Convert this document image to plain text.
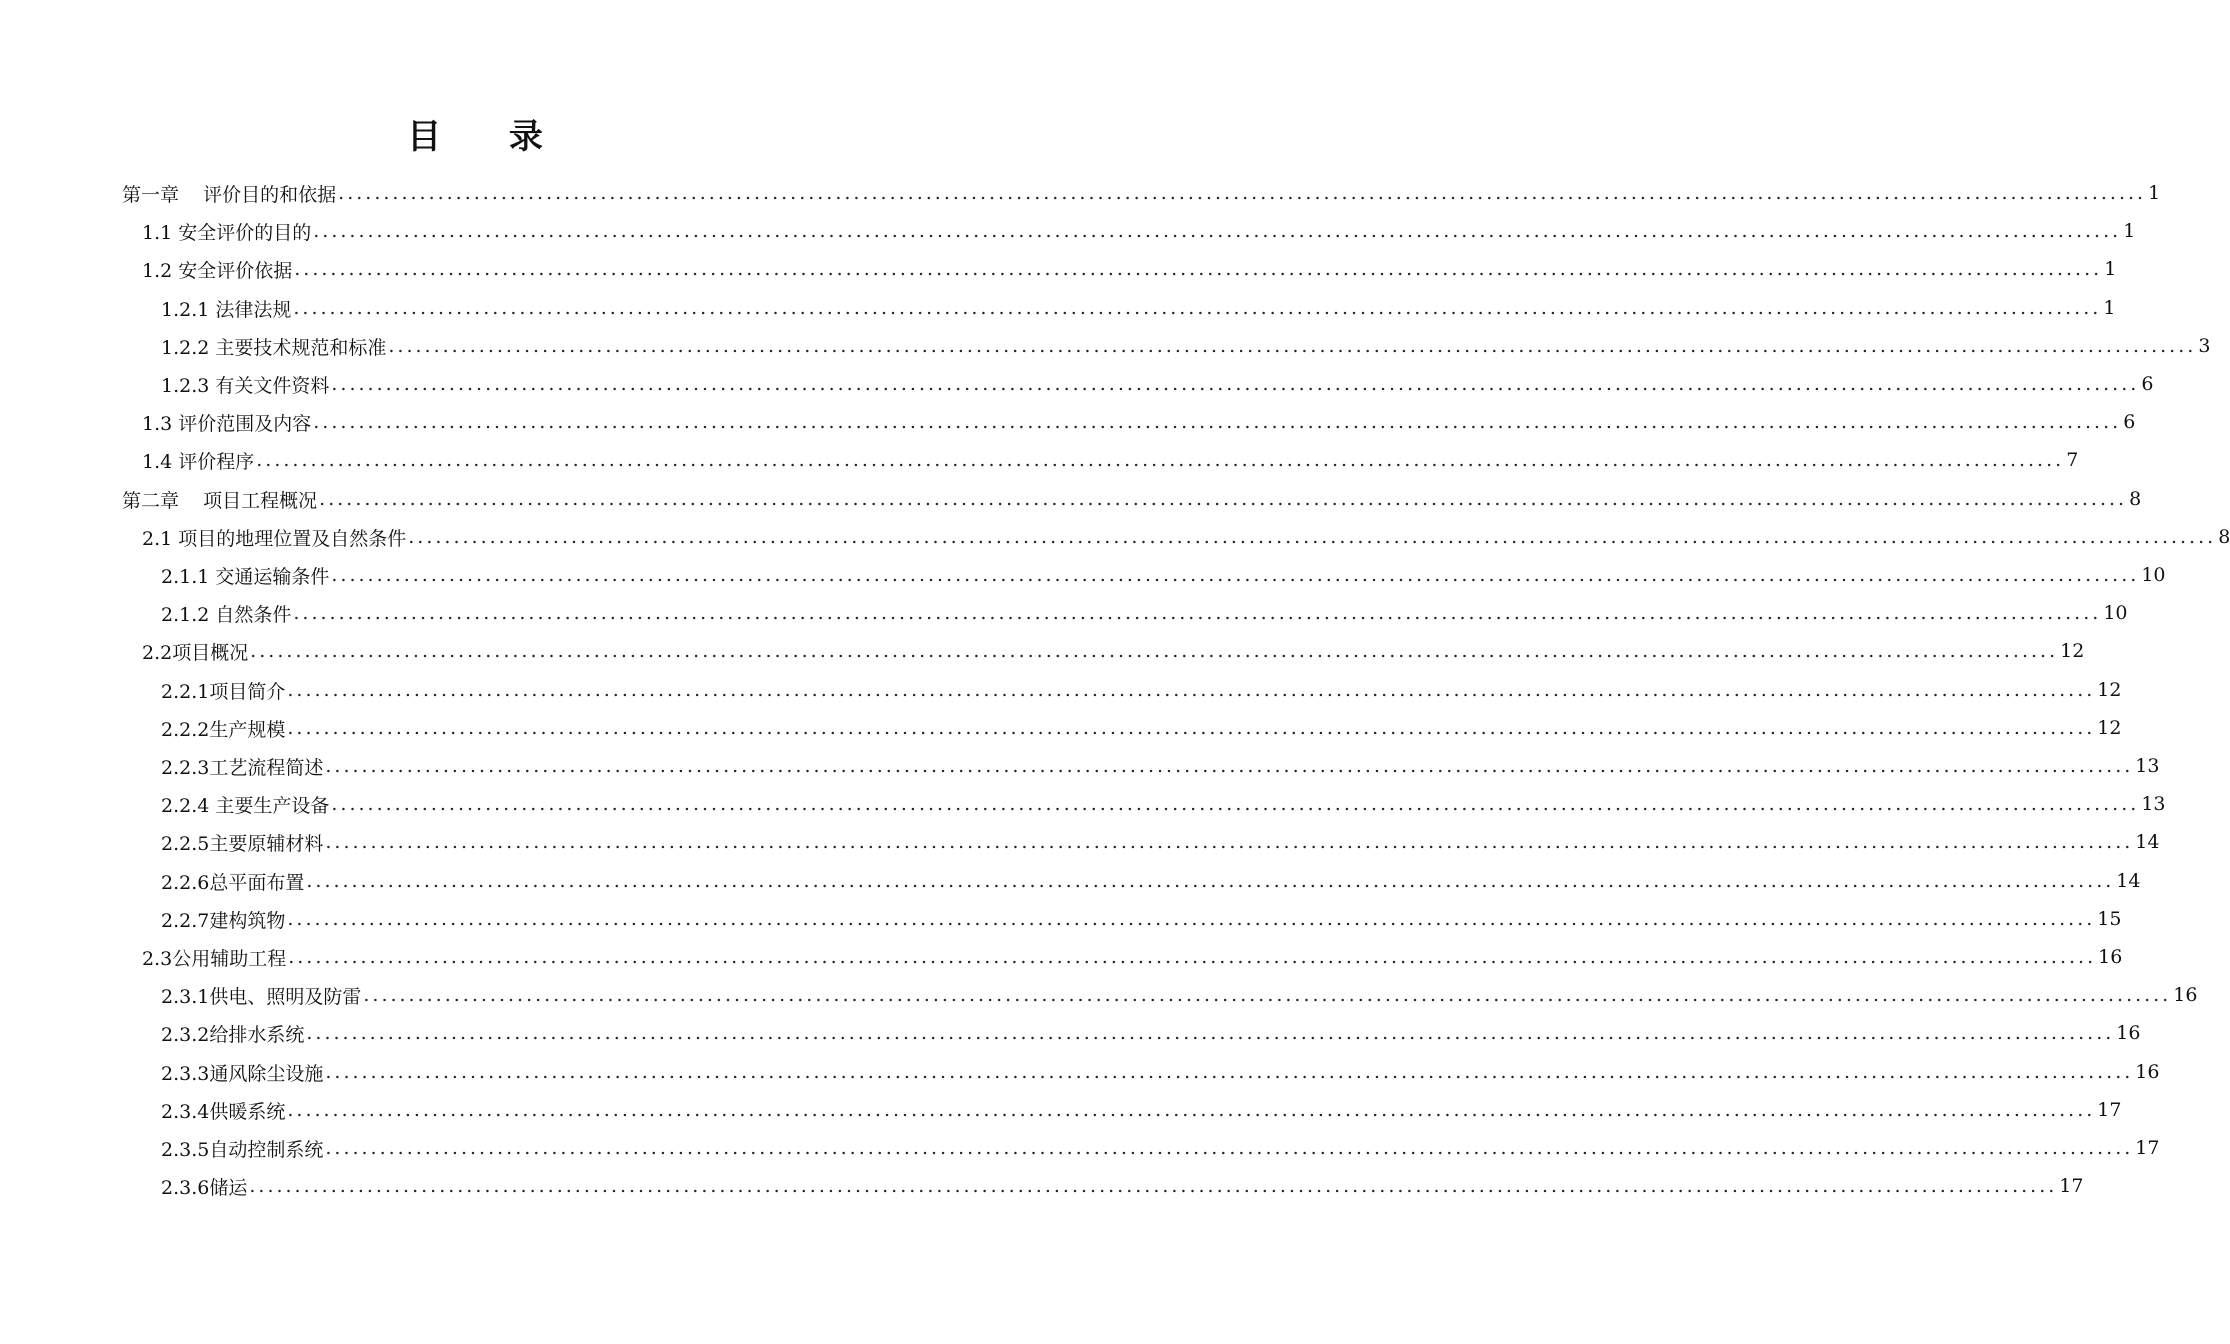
目 录
第一章    评价目的和依据 ........................................................................................................................................................................................................ 1
1.1 安全评价的目的 ........................................................................................................................................................................................................ 1
1.2 安全评价依据 ........................................................................................................................................................................................................ 1
1.2.1 法律法规 ........................................................................................................................................................................................................ 1
1.2.2 主要技术规范和标准 ........................................................................................................................................................................................................ 3
1.2.3 有关文件资料 ........................................................................................................................................................................................................ 6
1.3 评价范围及内容 ........................................................................................................................................................................................................ 6
1.4 评价程序 ........................................................................................................................................................................................................ 7
第二章    项目工程概况 ........................................................................................................................................................................................................ 8
2.1 项目的地理位置及自然条件 ........................................................................................................................................................................................................ 8
2.1.1 交通运输条件 ........................................................................................................................................................................................................ 10
2.1.2 自然条件 ........................................................................................................................................................................................................ 10
2.2项目概况 ........................................................................................................................................................................................................ 12
2.2.1项目简介 ........................................................................................................................................................................................................ 12
2.2.2生产规模 ........................................................................................................................................................................................................ 12
2.2.3工艺流程简述 ........................................................................................................................................................................................................ 13
2.2.4 主要生产设备 ........................................................................................................................................................................................................ 13
2.2.5主要原辅材料 ........................................................................................................................................................................................................ 14
2.2.6总平面布置 ........................................................................................................................................................................................................ 14
2.2.7建构筑物 ........................................................................................................................................................................................................ 15
2.3公用辅助工程 ........................................................................................................................................................................................................ 16
2.3.1供电、照明及防雷 ........................................................................................................................................................................................................ 16
2.3.2给排水系统 ........................................................................................................................................................................................................ 16
2.3.3通风除尘设施 ........................................................................................................................................................................................................ 16
2.3.4供暖系统 ........................................................................................................................................................................................................ 17
2.3.5自动控制系统 ........................................................................................................................................................................................................ 17
2.3.6储运 ........................................................................................................................................................................................................ 17
